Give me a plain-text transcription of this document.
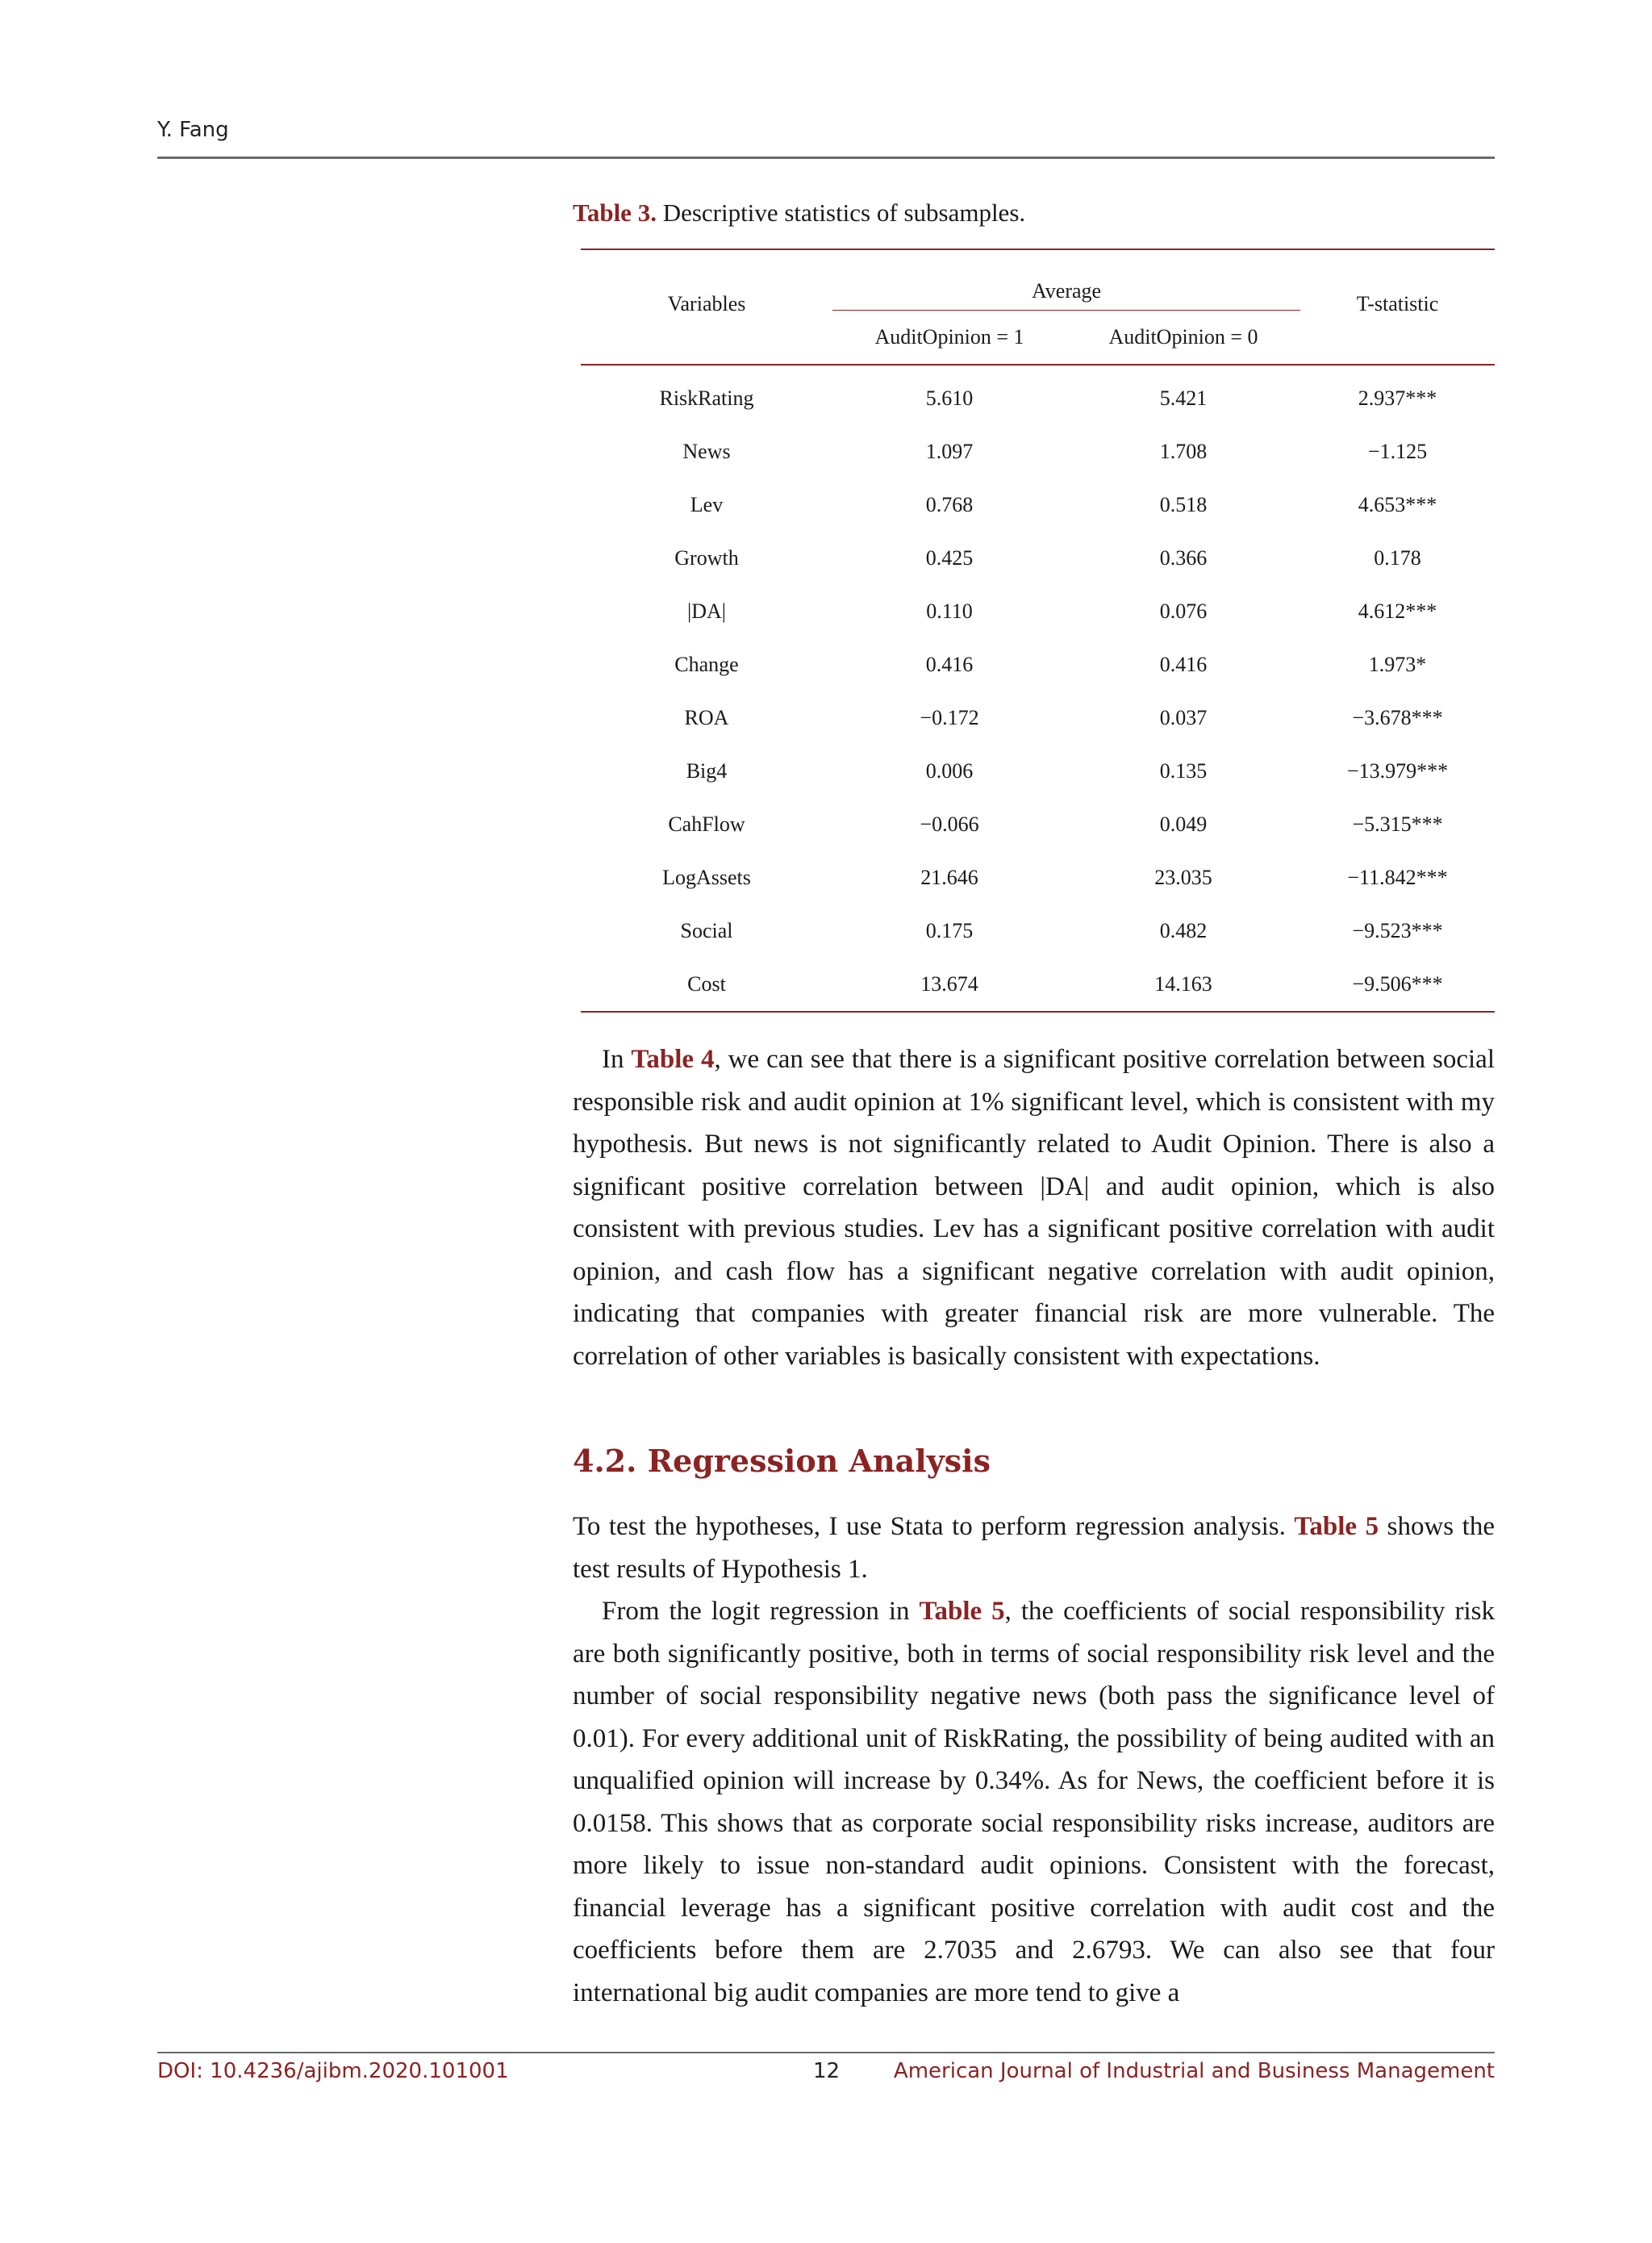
Y. Fang
Table 3. Descriptive statistics of subsamples.
Variables	Average		T-statistic
	AuditOpinion = 1	AuditOpinion = 0	
RiskRating	5.610	5.421	2.937***
News	1.097	1.708	−1.125
Lev	0.768	0.518	4.653***
Growth	0.425	0.366	0.178
|DA|	0.110	0.076	4.612***
Change	0.416	0.416	1.973*
ROA	−0.172	0.037	−3.678***
Big4	0.006	0.135	−13.979***
CahFlow	−0.066	0.049	−5.315***
LogAssets	21.646	23.035	−11.842***
Social	0.175	0.482	−9.523***
Cost	13.674	14.163	−9.506***

In Table 4, we can see that there is a significant positive correlation between social responsible risk and audit opinion at 1% significant level, which is consistent with my hypothesis. But news is not significantly related to Audit Opinion. There is also a significant positive correlation between |DA| and audit opinion, which is also consistent with previous studies. Lev has a significant positive correlation with audit opinion, and cash flow has a significant negative correlation with audit opinion, indicating that companies with greater financial risk are more vulnerable. The correlation of other variables is basically consistent with expectations.

4.2. Regression Analysis

To test the hypotheses, I use Stata to perform regression analysis. Table 5 shows the test results of Hypothesis 1.

From the logit regression in Table 5, the coefficients of social responsibility risk are both significantly positive, both in terms of social responsibility risk level and the number of social responsibility negative news (both pass the significance level of 0.01). For every additional unit of RiskRating, the possibility of being audited with an unqualified opinion will increase by 0.34%. As for News, the coefficient before it is 0.0158. This shows that as corporate social responsibility risks increase, auditors are more likely to issue non-standard audit opinions. Consistent with the forecast, financial leverage has a significant positive correlation with audit cost and the coefficients before them are 2.7035 and 2.6793. We can also see that four international big audit companies are more tend to give a

DOI: 10.4236/ajibm.2020.101001	12	American Journal of Industrial and Business Management
